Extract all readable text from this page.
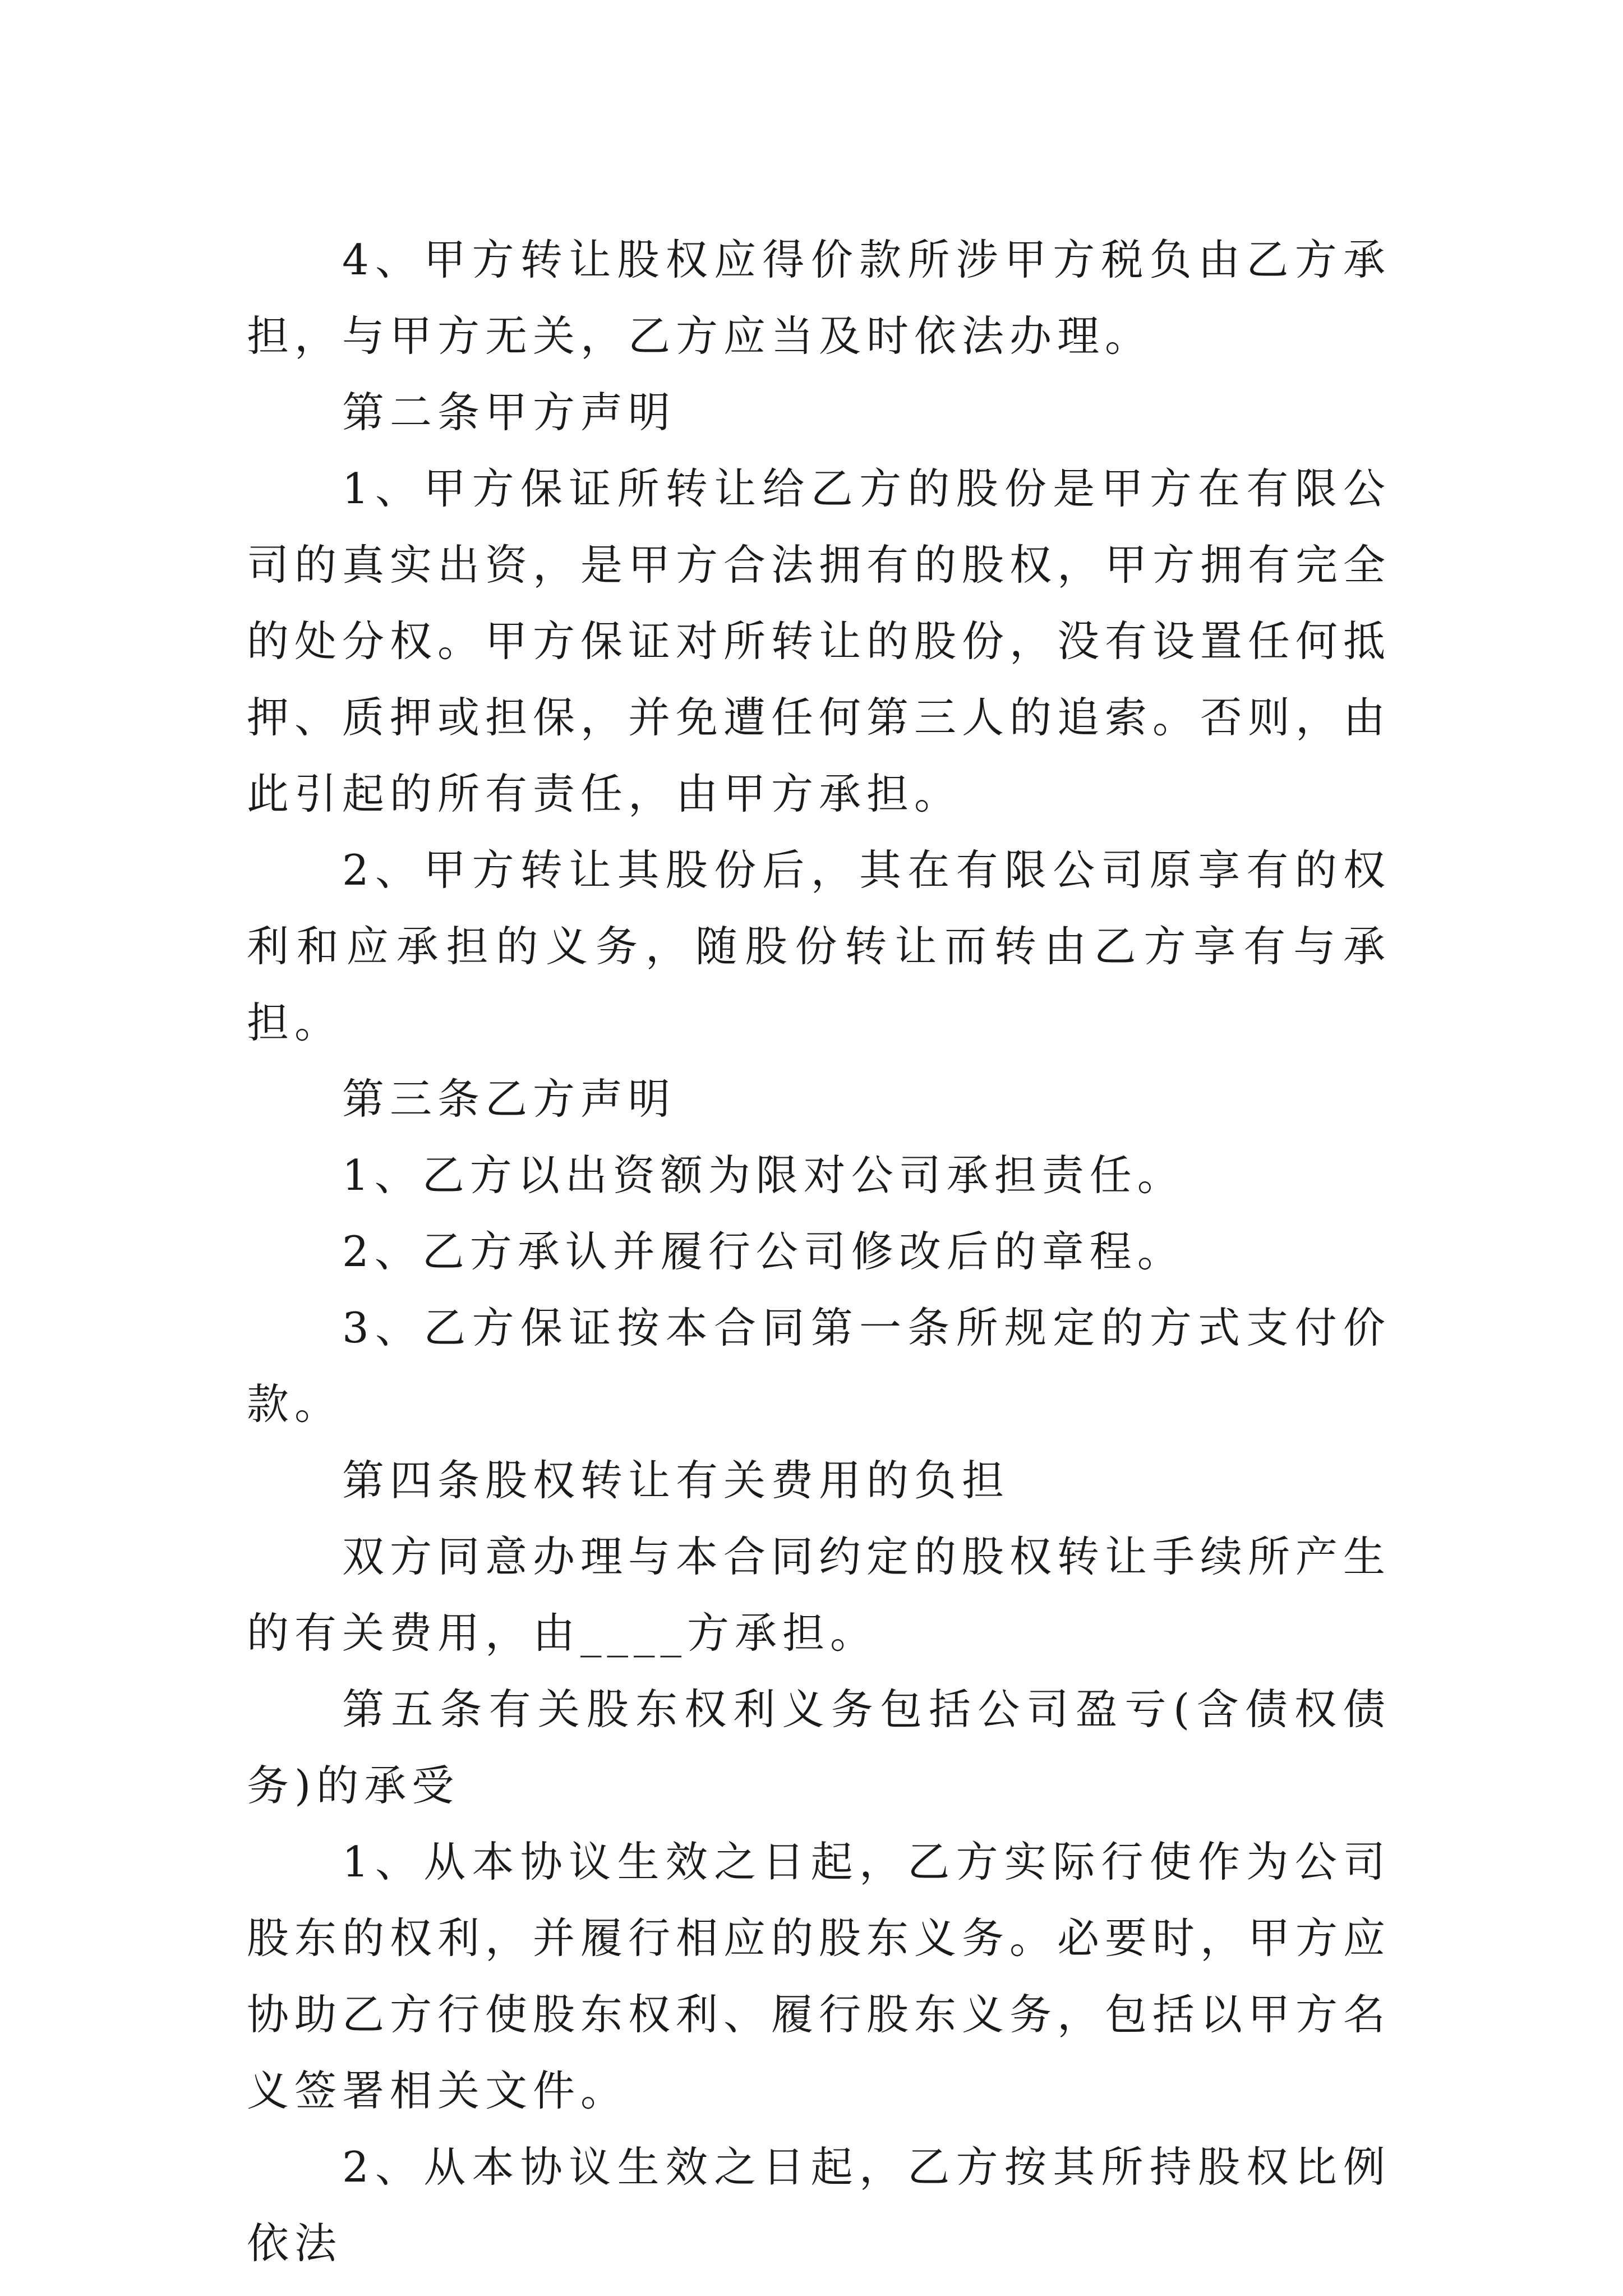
4、甲方转让股权应得价款所涉甲方税负由乙方承担，与甲方无关，乙方应当及时依法办理。

第二条甲方声明

1、甲方保证所转让给乙方的股份是甲方在有限公司的真实出资，是甲方合法拥有的股权，甲方拥有完全的处分权。甲方保证对所转让的股份，没有设置任何抵押、质押或担保，并免遭任何第三人的追索。否则，由此引起的所有责任，由甲方承担。

2、甲方转让其股份后，其在有限公司原享有的权利和应承担的义务，随股份转让而转由乙方享有与承担。

第三条乙方声明

1、乙方以出资额为限对公司承担责任。

2、乙方承认并履行公司修改后的章程。

3、乙方保证按本合同第一条所规定的方式支付价款。

第四条股权转让有关费用的负担

双方同意办理与本合同约定的股权转让手续所产生的有关费用，由____方承担。

第五条有关股东权利义务包括公司盈亏(含债权债务)的承受

1、从本协议生效之日起，乙方实际行使作为公司股东的权利，并履行相应的股东义务。必要时，甲方应协助乙方行使股东权利、履行股东义务，包括以甲方名义签署相关文件。

2、从本协议生效之日起，乙方按其所持股权比例依法
